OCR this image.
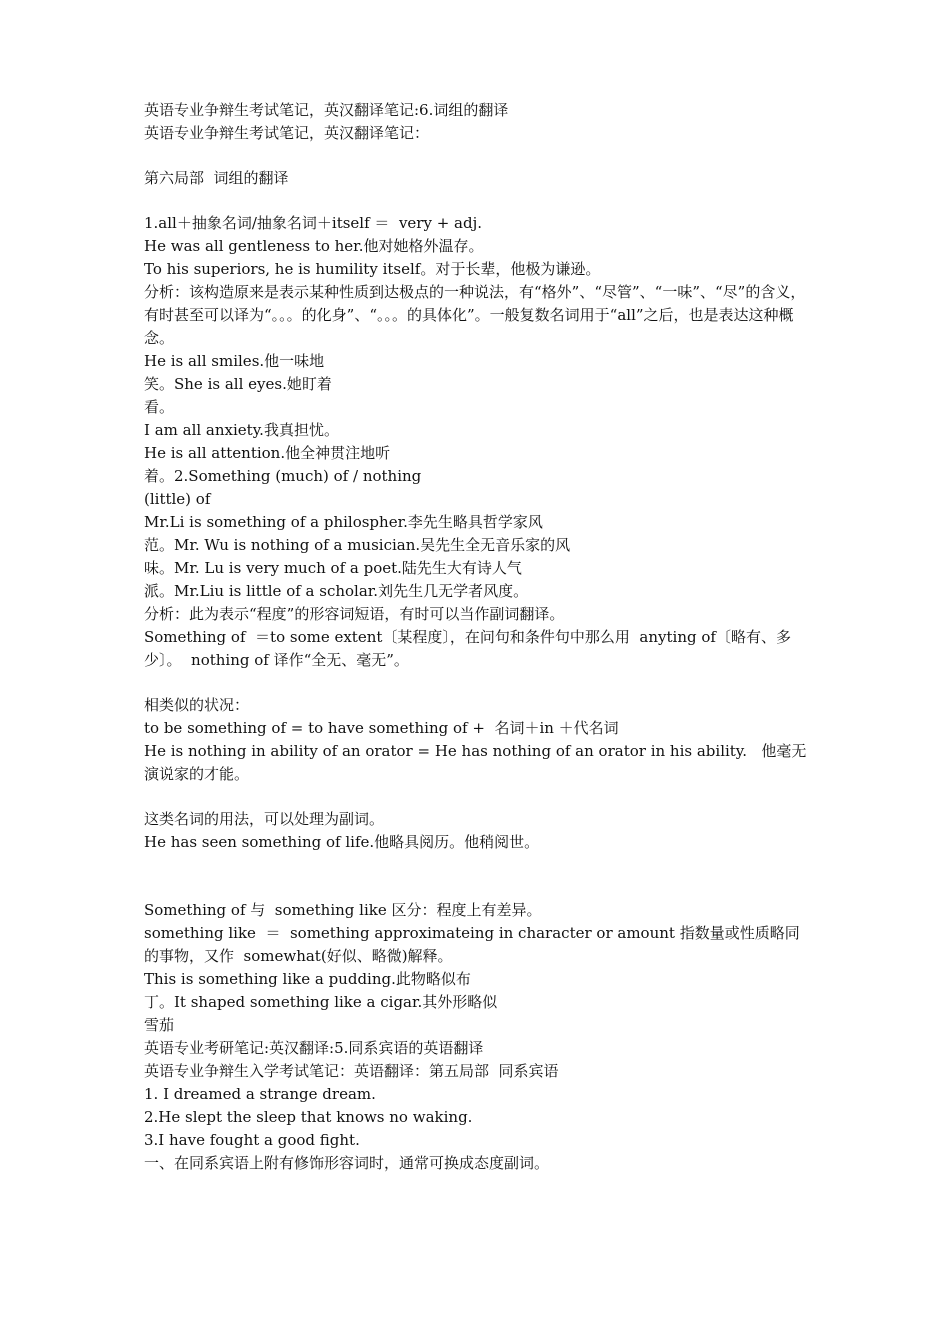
英语专业争辩生考试笔记，英汉翻译笔记:6.词组的翻译
英语专业争辩生考试笔记，英汉翻译笔记：
第六局部  词组的翻译
1.all＋抽象名词/抽象名词＋itself ＝  very + adj.
He was all gentleness to her.他对她格外温存。
To his superiors, he is humility itself。对于长辈，他极为谦逊。
分析：该构造原来是表示某种性质到达极点的一种说法，有“格外”、“尽管”、“一味”、“尽”的含义，有时甚至可以译为“。。。的化身”、“。。。的具体化”。一般复数名词用于“all”之后，也是表达这种概念。
He is all smiles.他一味地
笑。She is all eyes.她盯着
看。
I am all anxiety.我真担忧。
He is all attention.他全神贯注地听
着。2.Something (much) of / nothing
(little) of
Mr.Li is something of a philospher.李先生略具哲学家风
范。Mr. Wu is nothing of a musician.吴先生全无音乐家的风
味。Mr. Lu is very much of a poet.陆先生大有诗人气
派。Mr.Liu is little of a scholar.刘先生几无学者风度。
分析：此为表示“程度”的形容词短语，有时可以当作副词翻译。
Something of  ＝to some extent〔某程度〕，在问句和条件句中那么用  anyting of〔略有、多少〕。  nothing of 译作“全无、毫无”。
相类似的状况：
to be something of = to have something of +  名词＋in ＋代名词
He is nothing in ability of an orator = He has nothing of an orator in his ability.   他毫无演说家的才能。
这类名词的用法，可以处理为副词。
He has seen something of life.他略具阅历。他稍阅世。
Something of 与  something like 区分：程度上有差异。
something like  ＝  something approximateing in character or amount 指数量或性质略同的事物，又作  somewhat(好似、略微)解释。
This is something like a pudding.此物略似布
丁。It shaped something like a cigar.其外形略似
雪茄
英语专业考研笔记:英汉翻译:5.同系宾语的英语翻译
英语专业争辩生入学考试笔记：英语翻译：第五局部  同系宾语
1. I dreamed a strange dream.
2.He slept the sleep that knows no waking.
3.I have fought a good fight.
一、在同系宾语上附有修饰形容词时，通常可换成态度副词。
